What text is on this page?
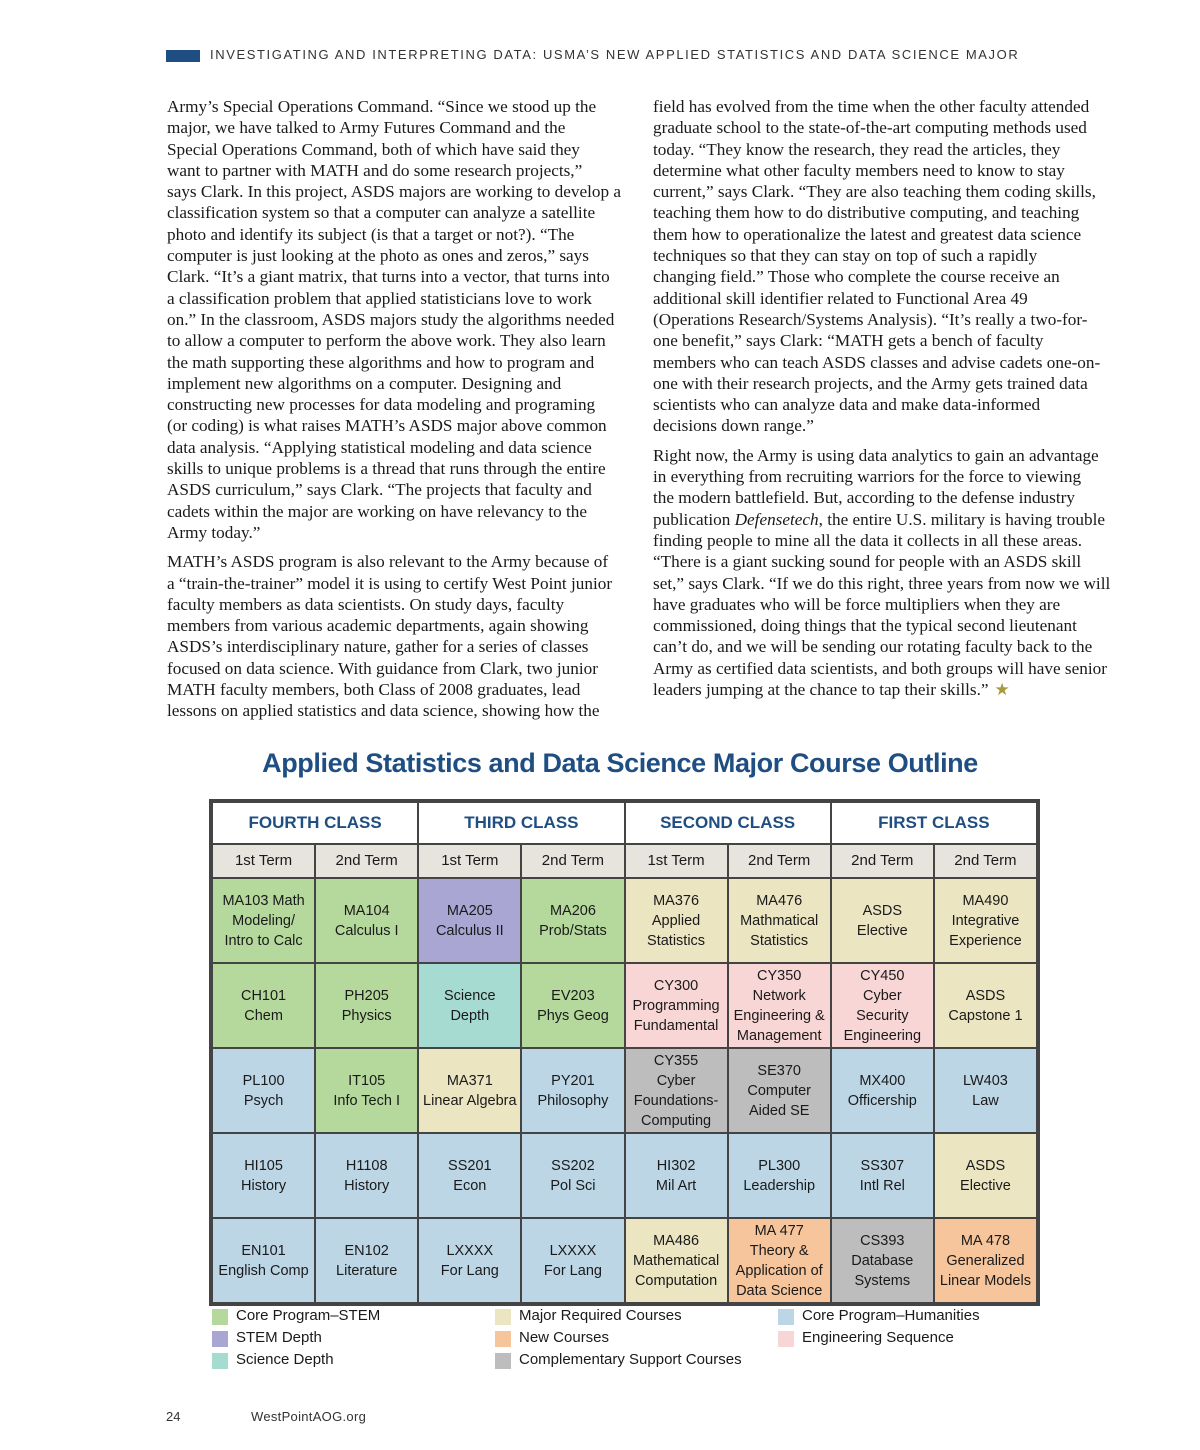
INVESTIGATING AND INTERPRETING DATA: USMA’S NEW APPLIED STATISTICS AND DATA SCIENCE MAJOR
Army’s Special Operations Command. “Since we stood up the
major, we have talked to Army Futures Command and the
Special Operations Command, both of which have said they
want to partner with MATH and do some research projects,”
says Clark. In this project, ASDS majors are working to develop a
classification system so that a computer can analyze a satellite
photo and identify its subject (is that a target or not?). “The
computer is just looking at the photo as ones and zeros,” says
Clark. “It’s a giant matrix, that turns into a vector, that turns into
a classification problem that applied statisticians love to work
on.” In the classroom, ASDS majors study the algorithms needed
to allow a computer to perform the above work. They also learn
the math supporting these algorithms and how to program and
implement new algorithms on a computer. Designing and
constructing new processes for data modeling and programing
(or coding) is what raises MATH’s ASDS major above common
data analysis. “Applying statistical modeling and data science
skills to unique problems is a thread that runs through the entire
ASDS curriculum,” says Clark. “The projects that faculty and
cadets within the major are working on have relevancy to the
Army today.”
MATH’s ASDS program is also relevant to the Army because of
a “train-the-trainer” model it is using to certify West Point junior
faculty members as data scientists. On study days, faculty
members from various academic departments, again showing
ASDS’s interdisciplinary nature, gather for a series of classes
focused on data science. With guidance from Clark, two junior
MATH faculty members, both Class of 2008 graduates, lead
lessons on applied statistics and data science, showing how the
field has evolved from the time when the other faculty attended
graduate school to the state-of-the-art computing methods used
today. “They know the research, they read the articles, they
determine what other faculty members need to know to stay
current,” says Clark. “They are also teaching them coding skills,
teaching them how to do distributive computing, and teaching
them how to operationalize the latest and greatest data science
techniques so that they can stay on top of such a rapidly
changing field.” Those who complete the course receive an
additional skill identifier related to Functional Area 49
(Operations Research/Systems Analysis). “It’s really a two-for-
one benefit,” says Clark: “MATH gets a bench of faculty
members who can teach ASDS classes and advise cadets one-on-
one with their research projects, and the Army gets trained data
scientists who can analyze data and make data-informed
decisions down range.”
Right now, the Army is using data analytics to gain an advantage
in everything from recruiting warriors for the force to viewing
the modern battlefield. But, according to the defense industry
publication Defensetech, the entire U.S. military is having trouble
finding people to mine all the data it collects in all these areas.
“There is a giant sucking sound for people with an ASDS skill
set,” says Clark. “If we do this right, three years from now we will
have graduates who will be force multipliers when they are
commissioned, doing things that the typical second lieutenant
can’t do, and we will be sending our rotating faculty back to the
Army as certified data scientists, and both groups will have senior
leaders jumping at the chance to tap their skills.” ★
Applied Statistics and Data Science Major Course Outline
FOURTH CLASS		THIRD CLASS		SECOND CLASS		FIRST CLASS	
1st Term	2nd Term	1st Term	2nd Term	1st Term	2nd Term	2nd Term	2nd Term

MA103 Math
Modeling/
Intro to Calc	MA104
Calculus I	MA205
Calculus II	MA206
Prob/Stats	MA376
Applied
Statistics	MA476
Mathmatical
Statistics	ASDS
Elective	MA490
Integrative
Experience

CH101
Chem	PH205
Physics	Science
Depth	EV203
Phys Geog	CY300
Programming
Fundamental	CY350
Network
Engineering &
Management	CY450
Cyber
Security
Engineering	ASDS
Capstone 1

PL100
Psych	IT105
Info Tech I	MA371
Linear Algebra	PY201
Philosophy	CY355
Cyber
Foundations-
Computing	SE370
Computer
Aided SE	MX400
Officership	LW403
Law

HI105
History	H1108
History	SS201
Econ	SS202
Pol Sci	HI302
Mil Art	PL300
Leadership	SS307
Intl Rel	ASDS
Elective

EN101
English Comp	EN102
Literature	LXXXX
For Lang	LXXXX
For Lang	MA486
Mathematical
Computation	MA 477
Theory &
Application of
Data Science	CS393
Database
Systems	MA 478
Generalized
Linear Models
Core Program–STEM
STEM Depth
Science Depth
Major Required Courses
New Courses
Complementary Support Courses
Core Program–Humanities
Engineering Sequence
24	WestPointAOG.org
